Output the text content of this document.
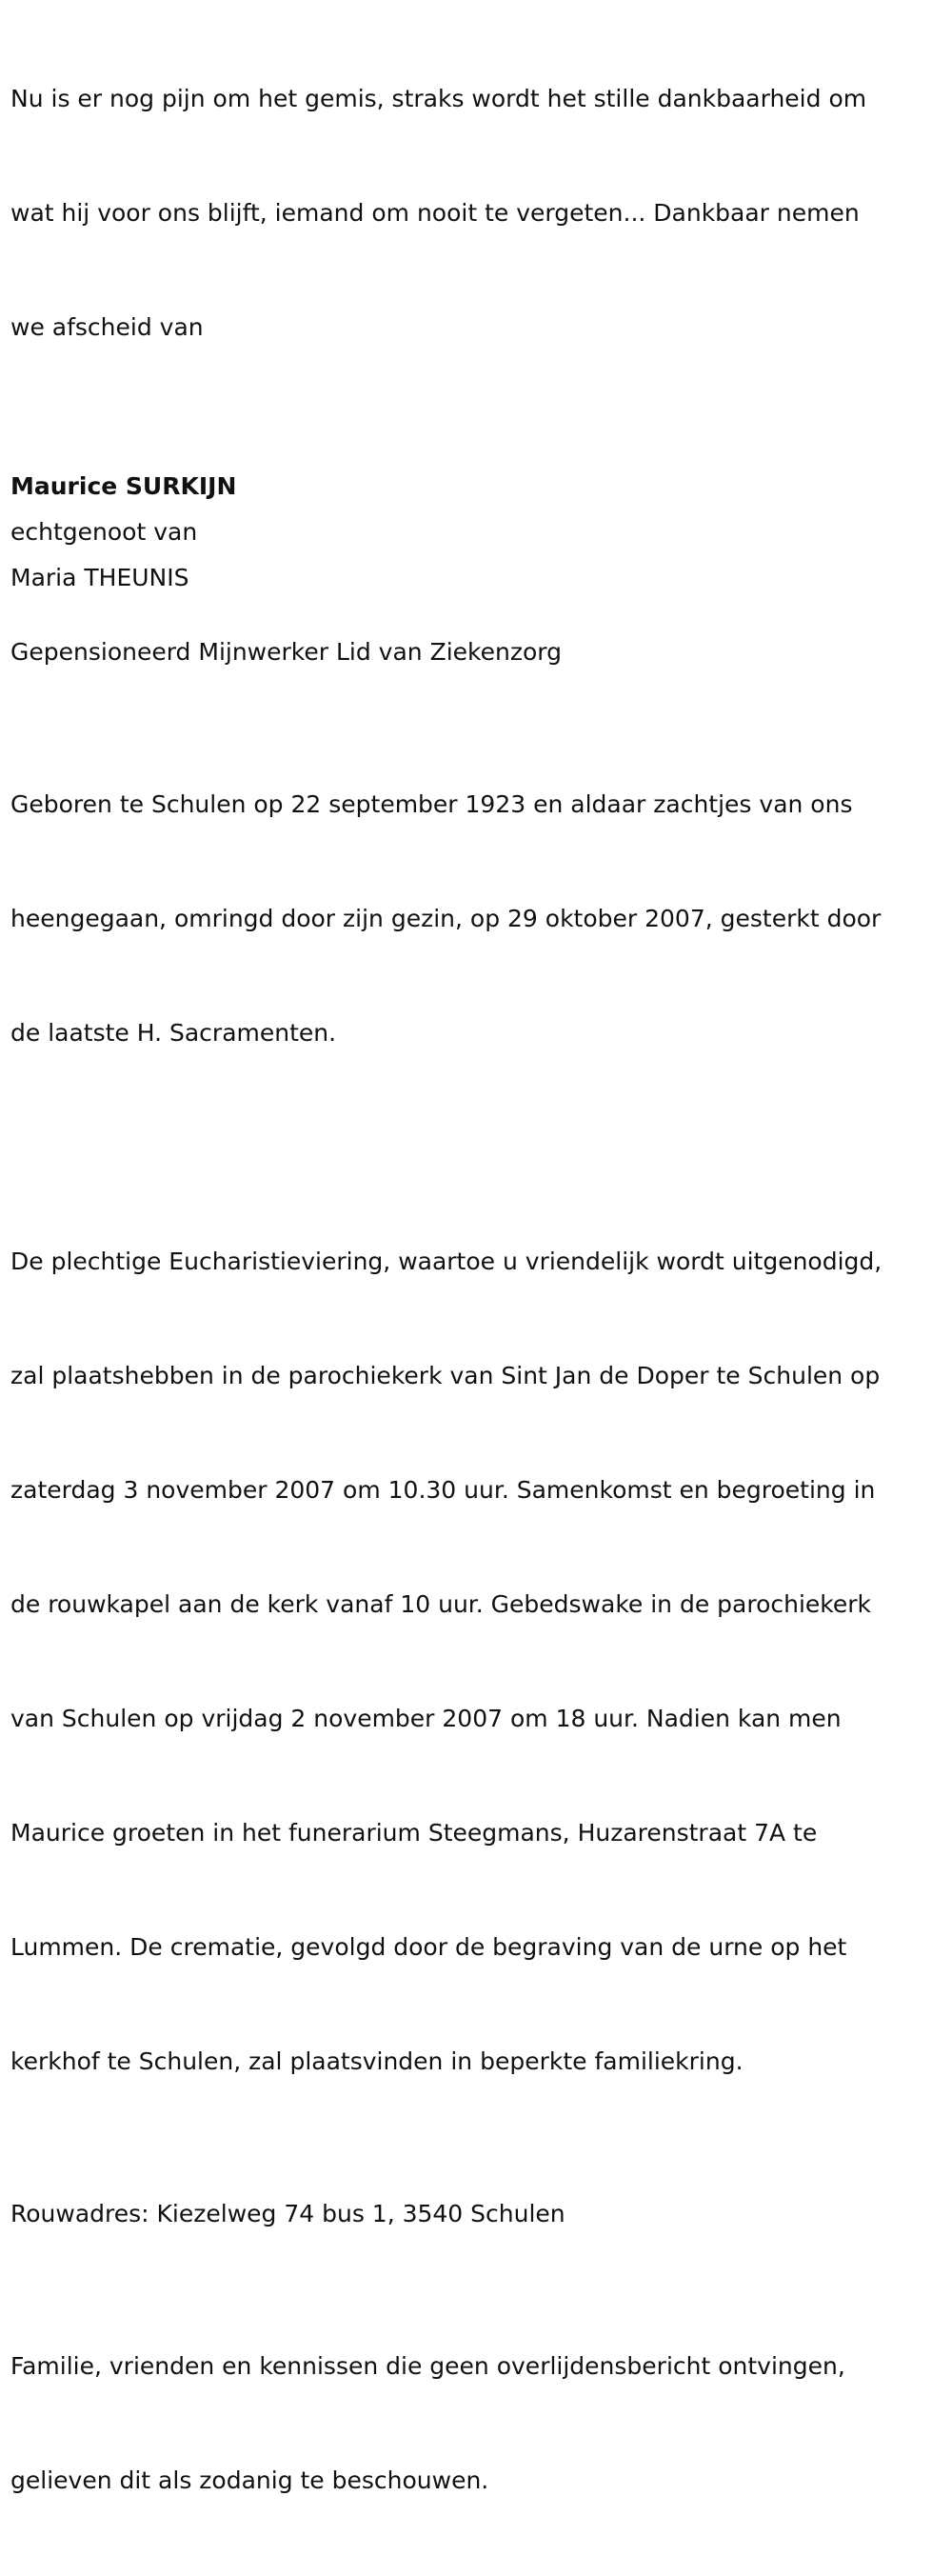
Nu is er nog pijn om het gemis, straks wordt het stille dankbaarheid om

wat hij voor ons blijft, iemand om nooit te vergeten... Dankbaar nemen

we afscheid van

Maurice SURKIJN
echtgenoot van
Maria THEUNIS
Gepensioneerd Mijnwerker Lid van Ziekenzorg

Geboren te Schulen op 22 september 1923 en aldaar zachtjes van ons

heengegaan, omringd door zijn gezin, op 29 oktober 2007, gesterkt door

de laatste H. Sacramenten.

De plechtige Eucharistieviering, waartoe u vriendelijk wordt uitgenodigd,

zal plaatshebben in de parochiekerk van Sint Jan de Doper te Schulen op

zaterdag 3 november 2007 om 10.30 uur. Samenkomst en begroeting in

de rouwkapel aan de kerk vanaf 10 uur. Gebedswake in de parochiekerk

van Schulen op vrijdag 2 november 2007 om 18 uur. Nadien kan men

Maurice groeten in het funerarium Steegmans, Huzarenstraat 7A te

Lummen. De crematie, gevolgd door de begraving van de urne op het

kerkhof te Schulen, zal plaatsvinden in beperkte familiekring.

Rouwadres: Kiezelweg 74 bus 1, 3540 Schulen

Familie, vrienden en kennissen die geen overlijdensbericht ontvingen,

gelieven dit als zodanig te beschouwen.
